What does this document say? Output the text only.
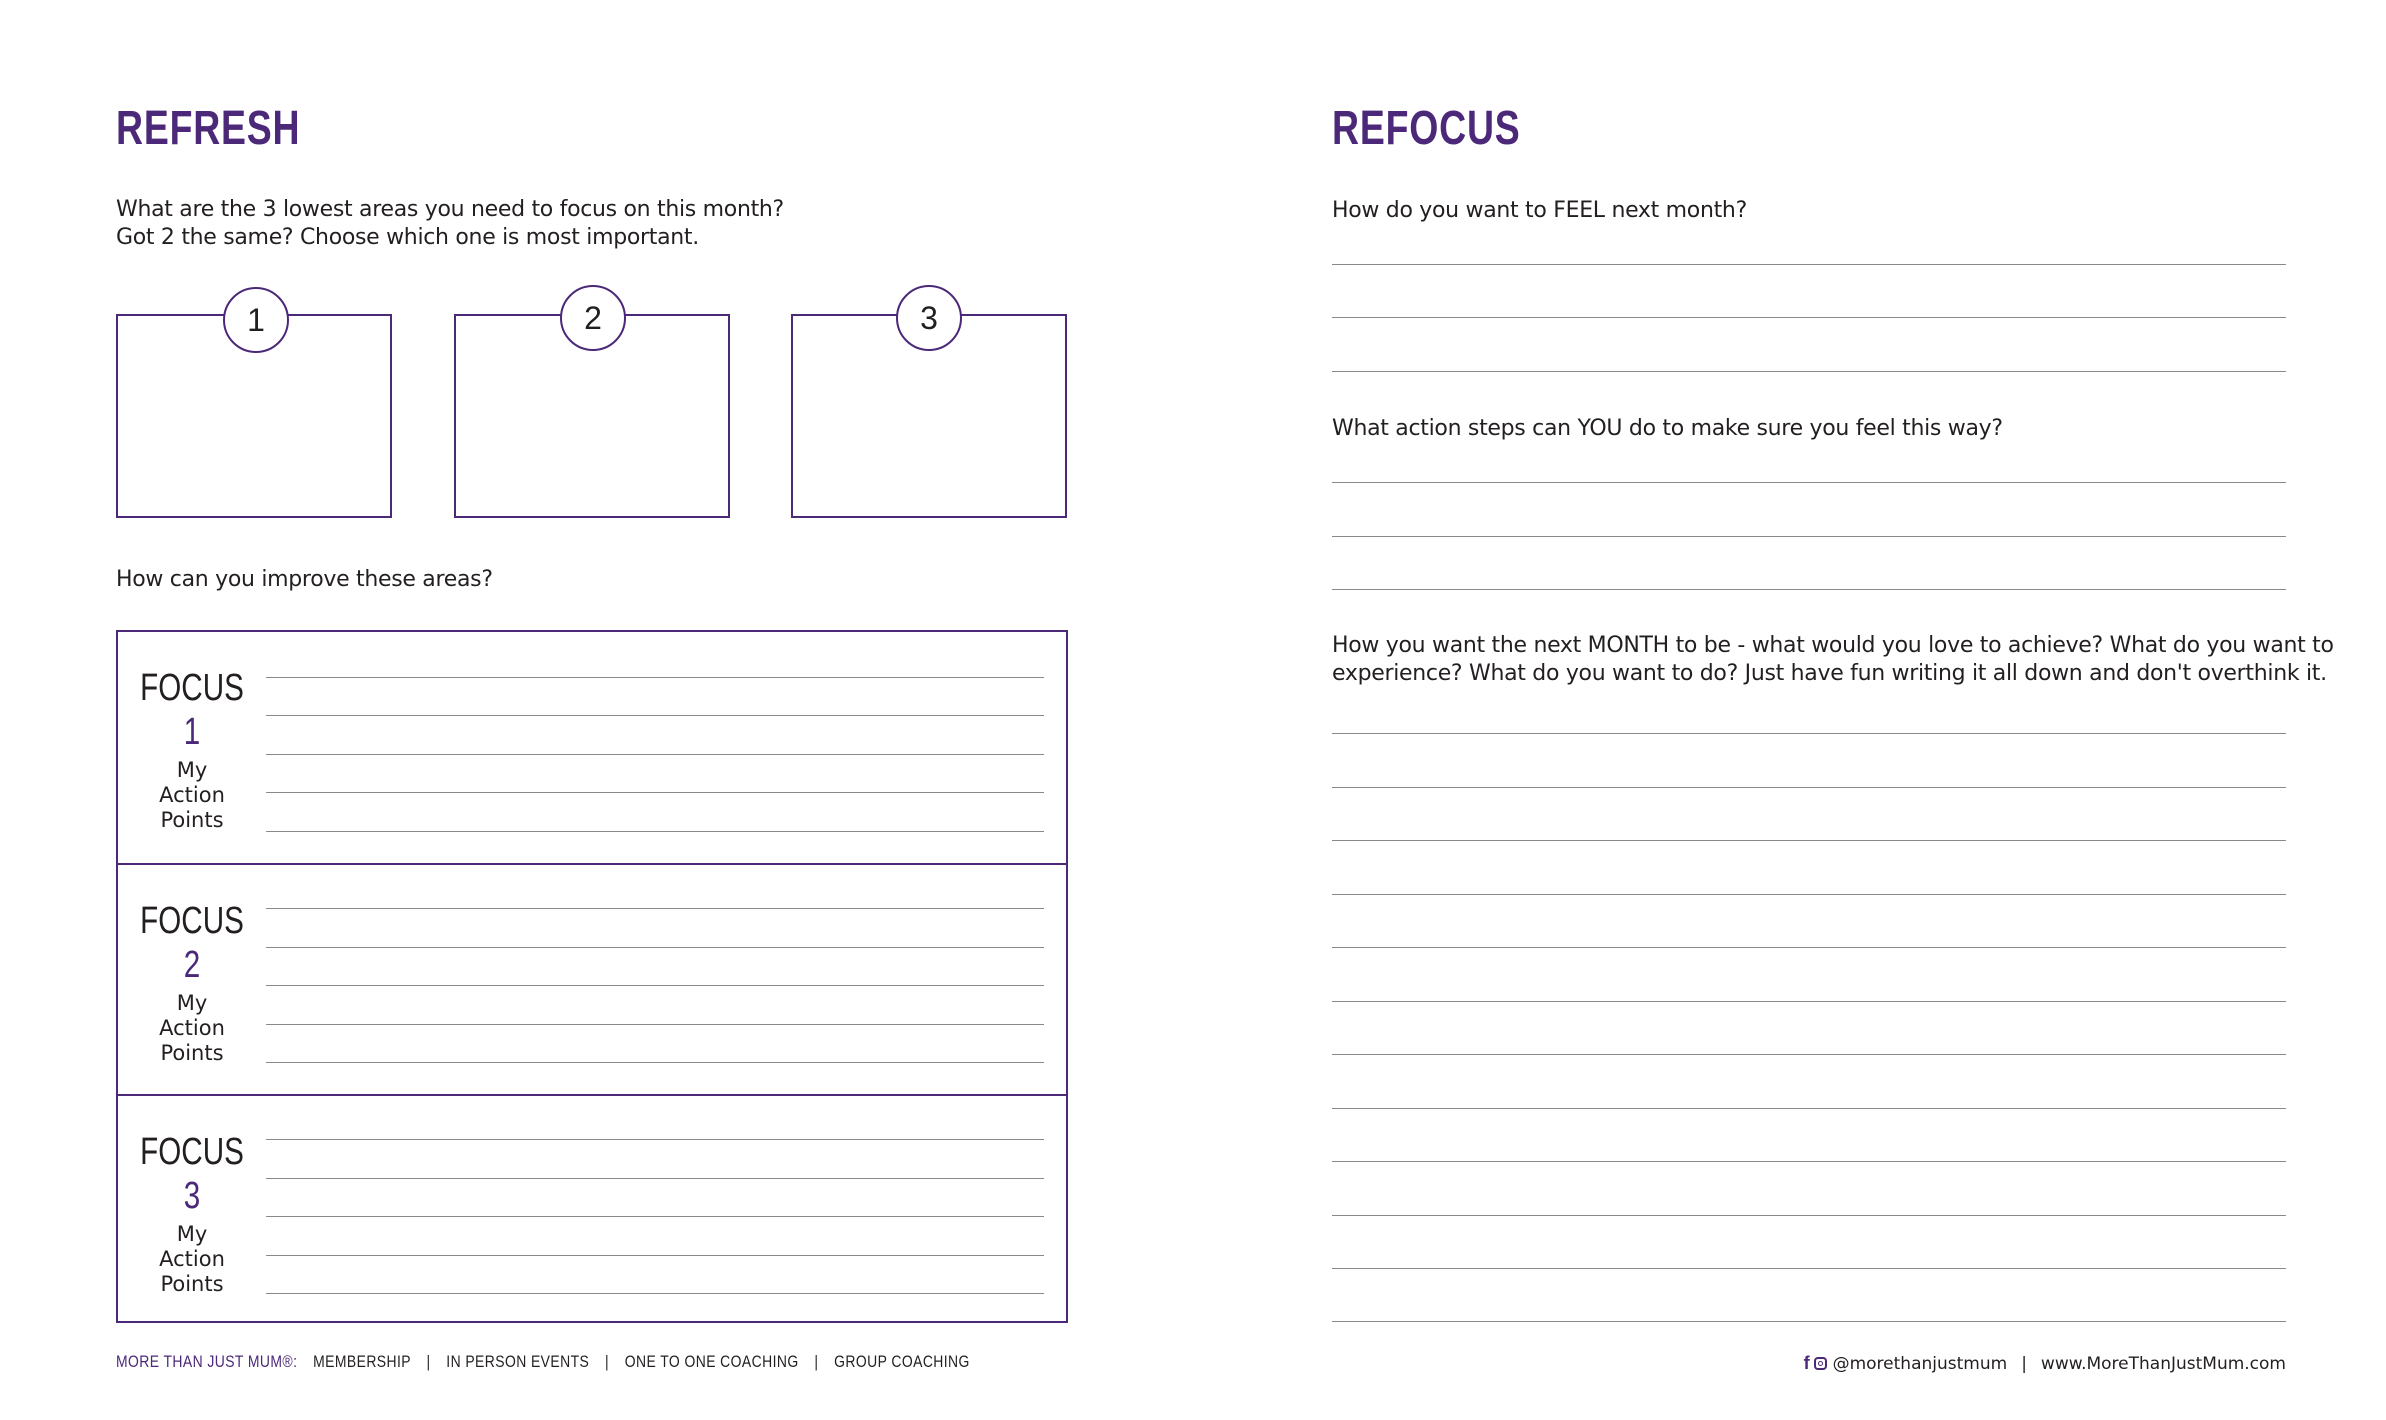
REFRESH

What are the 3 lowest areas you need to focus on this month?
Got 2 the same? Choose which one is most important.

1	2	3

How can you improve these areas?

FOCUS
1
My
Action
Points
FOCUS
2
My
Action
Points
FOCUS
3
My
Action
Points
MORE THAN JUST MUM®: MEMBERSHIP | IN PERSON EVENTS | ONE TO ONE COACHING | GROUP COACHING
REFOCUS

How do you want to FEEL next month?

What action steps can YOU do to make sure you feel this way?

How you want the next MONTH to be - what would you love to achieve? What do you want to
experience? What do you want to do? Just have fun writing it all down and don't overthink it.

f @morethanjustmum | www.MoreThanJustMum.com
